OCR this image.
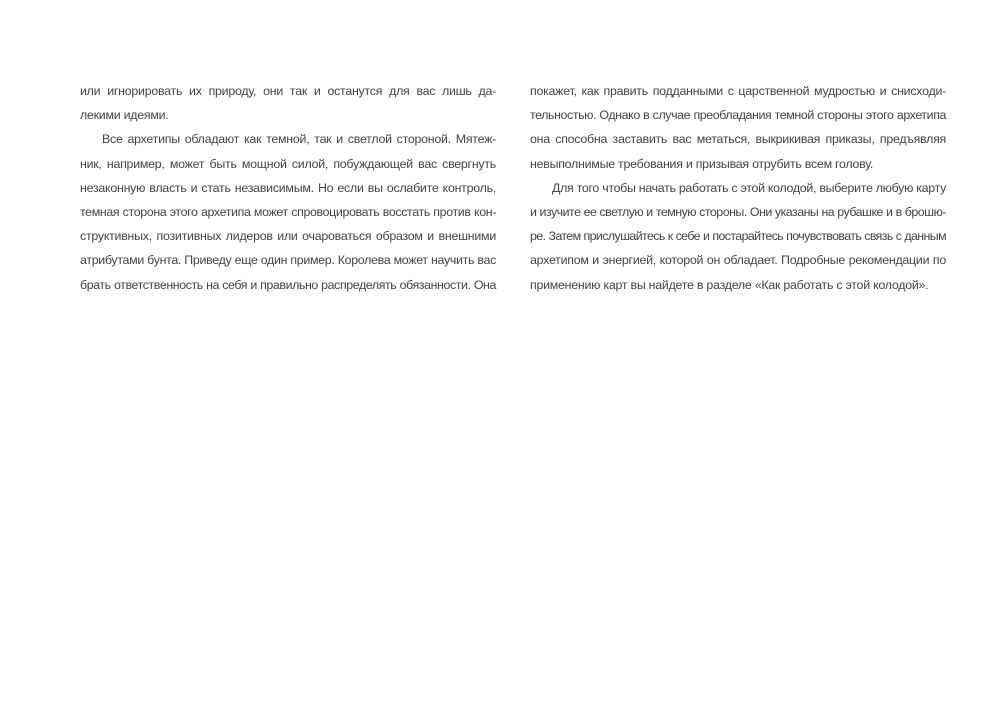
или игнорировать их природу, они так и останутся для вас лишь да-
лекими идеями.
Все архетипы обладают как темной, так и светлой стороной. Мятеж-
ник, например, может быть мощной силой, побуждающей вас свергнуть
незаконную власть и стать независимым. Но если вы ослабите контроль,
темная сторона этого архетипа может спровоцировать восстать против кон-
структивных, позитивных лидеров или очароваться образом и внешними
атрибутами бунта. Приведу еще один пример. Королева может научить вас
брать ответственность на себя и правильно распределять обязанности. Она
покажет, как править подданными с царственной мудростью и снисходи-
тельностью. Однако в случае преобладания темной стороны этого архетипа
она способна заставить вас метаться, выкрикивая приказы, предъявляя
невыполнимые требования и призывая отрубить всем голову.
Для того чтобы начать работать с этой колодой, выберите любую карту
и изучите ее светлую и темную стороны. Они указаны на рубашке и в брошю-
ре. Затем прислушайтесь к себе и постарайтесь почувствовать связь с данным
архетипом и энергией, которой он обладает. Подробные рекомендации по
применению карт вы найдете в разделе «Как работать с этой колодой».
